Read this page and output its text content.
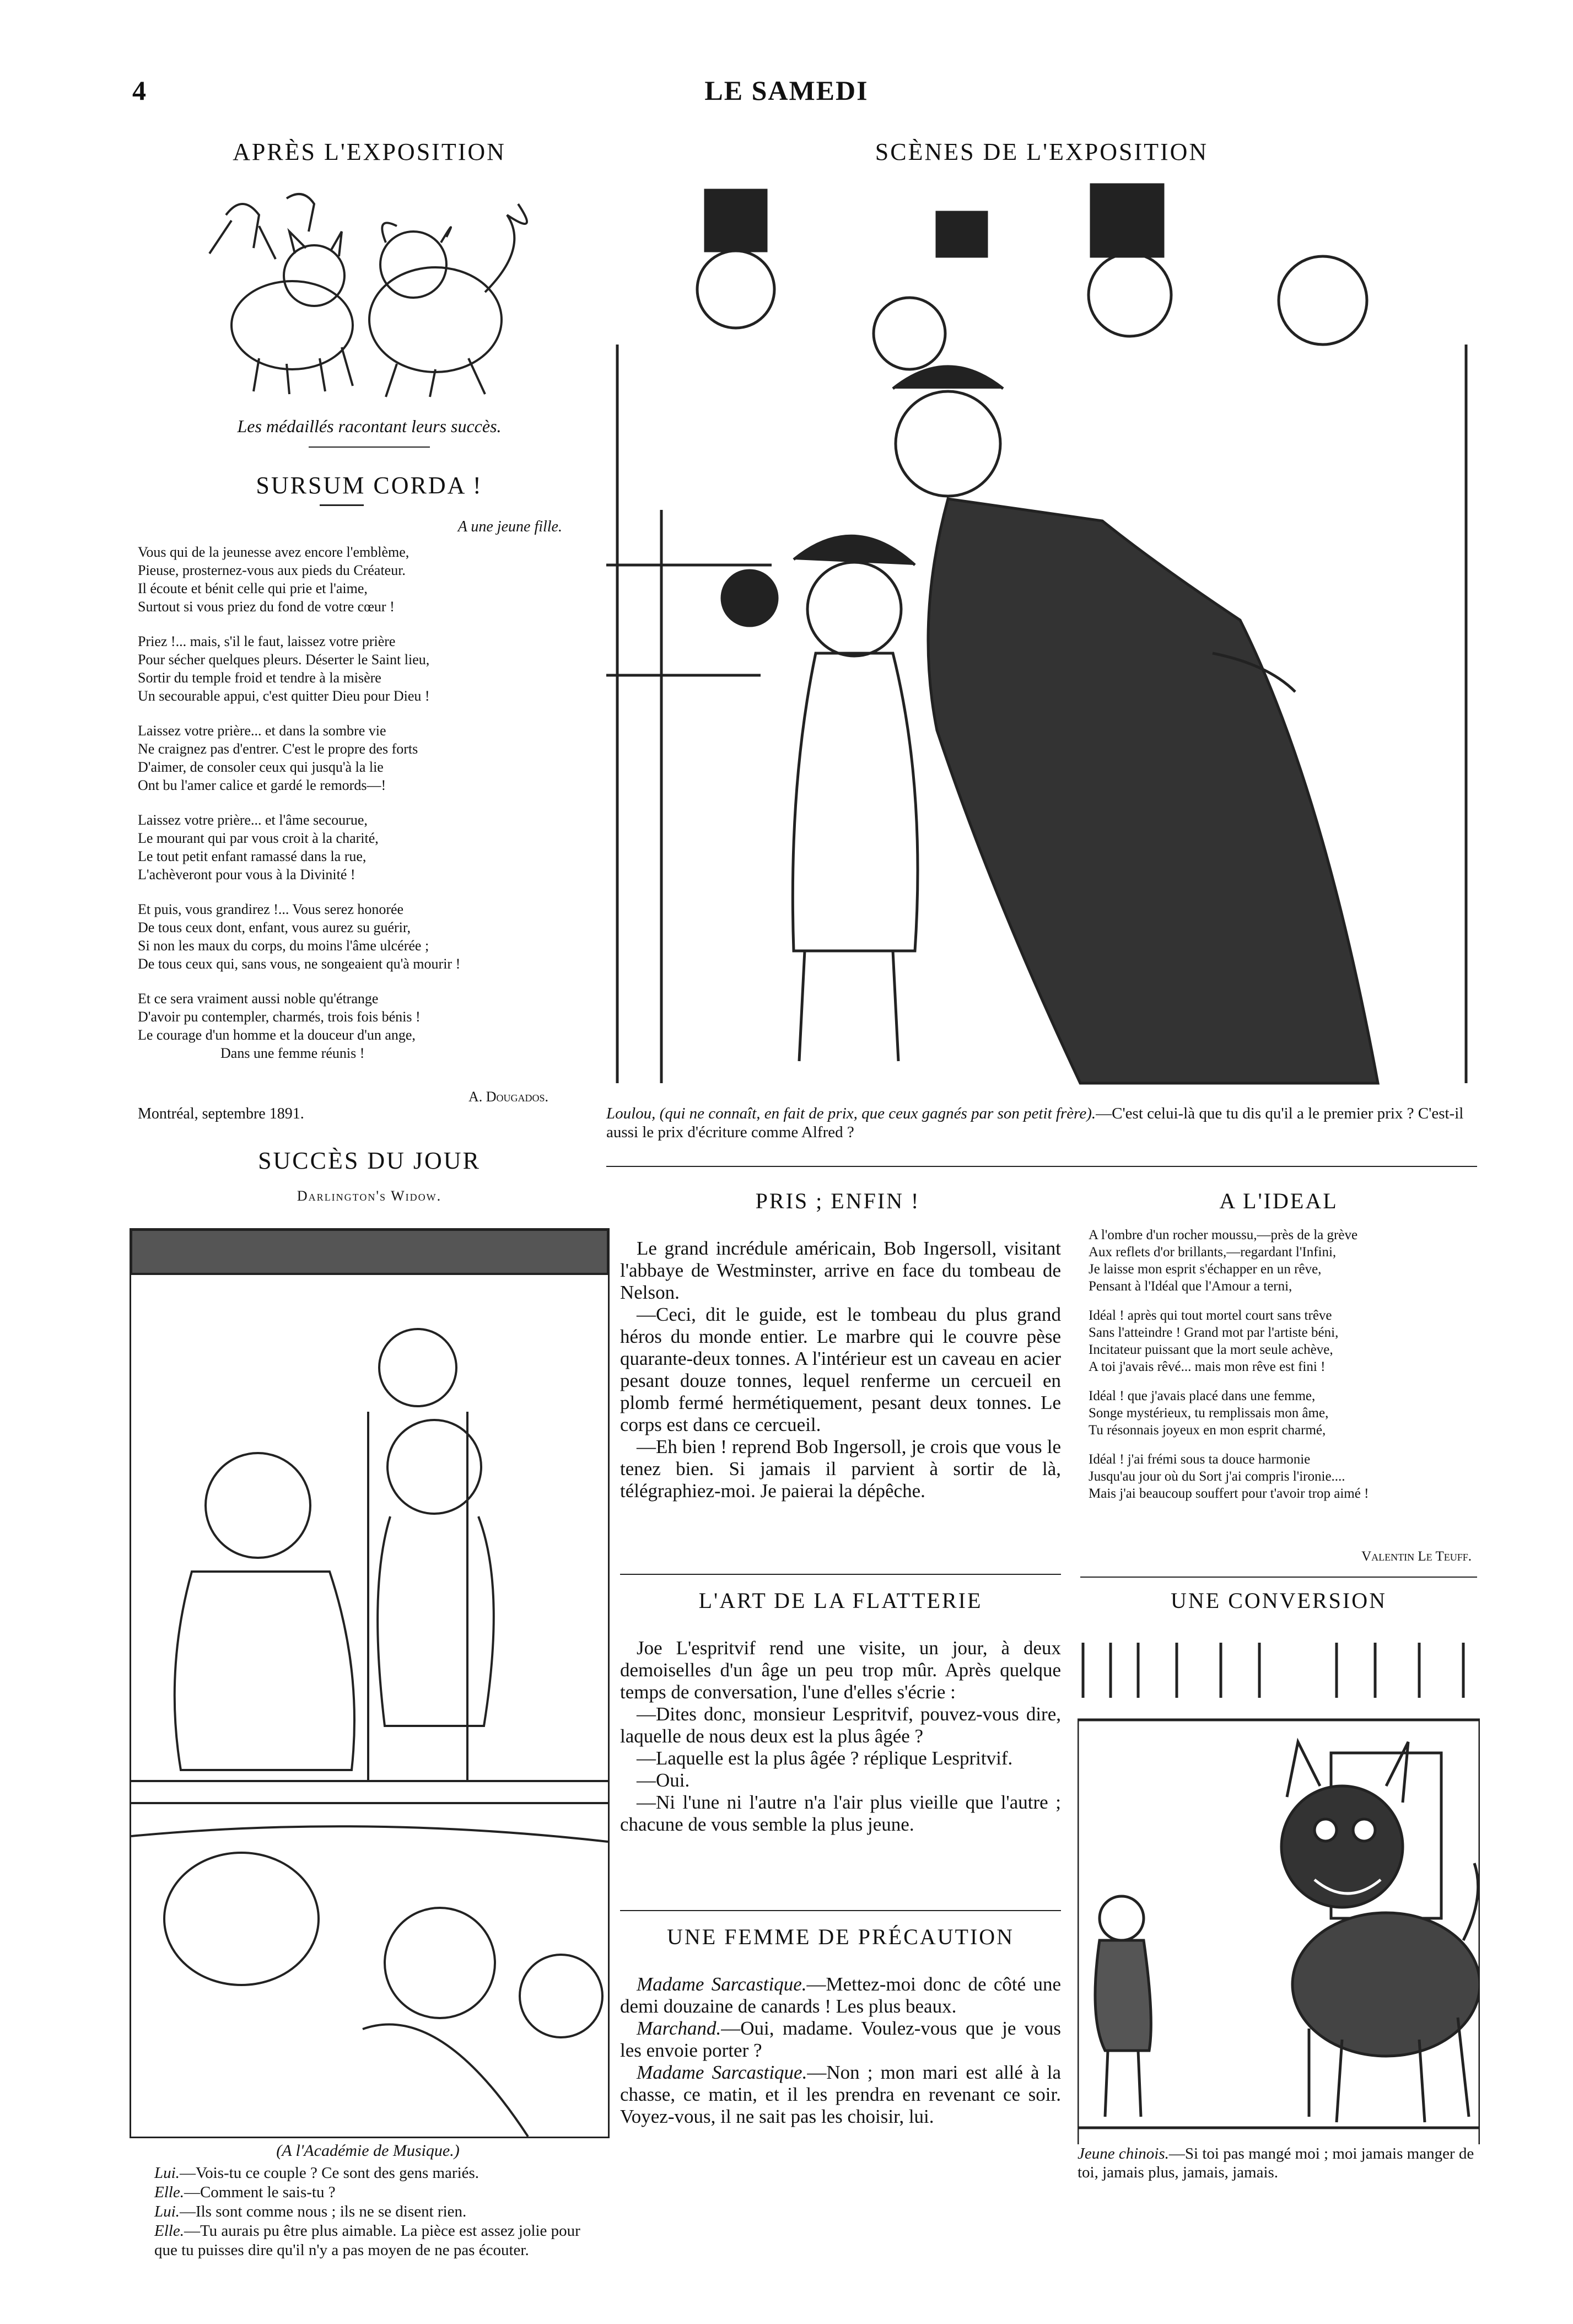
4	LE SAMEDI
APRÈS L'EXPOSITION
Les médaillés racontant leurs succès.
SURSUM CORDA !
A une jeune fille.

Vous qui de la jeunesse avez encore l'emblème,
Pieuse, prosternez-vous aux pieds du Créateur.
Il écoute et bénit celle qui prie et l'aime,
Surtout si vous priez du fond de votre cœur !

Priez !... mais, s'il le faut, laissez votre prière
Pour sécher quelques pleurs. Déserter le Saint lieu,
Sortir du temple froid et tendre à la misère
Un secourable appui, c'est quitter Dieu pour Dieu !

Laissez votre prière... et dans la sombre vie
Ne craignez pas d'entrer. C'est le propre des forts
D'aimer, de consoler ceux qui jusqu'à la lie
Ont bu l'amer calice et gardé le remords—!

Laissez votre prière... et l'âme secourue,
Le mourant qui par vous croit à la charité,
Le tout petit enfant ramassé dans la rue,
L'achèveront pour vous à la Divinité !

Et puis, vous grandirez !... Vous serez honorée
De tous ceux dont, enfant, vous aurez su guérir,
Si non les maux du corps, du moins l'âme ulcérée ;
De tous ceux qui, sans vous, ne songeaient qu'à mourir !

Et ce sera vraiment aussi noble qu'étrange
D'avoir pu contempler, charmés, trois fois bénis !
Le courage d'un homme et la douceur d'un ange,
Dans une femme réunis !

A. Dougados.
Montréal, septembre 1891.
SUCCÈS DU JOUR
Darlington's Widow.
(A l'Académie de Musique.)

Lui.—Vois-tu ce couple ? Ce sont des gens mariés.

Elle.—Comment le sais-tu ?

Lui.—Ils sont comme nous ; ils ne se disent rien.

Elle.—Tu aurais pu être plus aimable. La pièce est assez jolie pour que tu puisses dire qu'il n'y a pas moyen de ne pas écouter.

SCÈNES DE L'EXPOSITION
Loulou, (qui ne connaît, en fait de prix, que ceux gagnés par son petit frère).—C'est celui-là que tu dis qu'il a le premier prix ? C'est-il aussi le prix d'écriture comme Alfred ?
PRIS ; ENFIN !

Le grand incrédule américain, Bob Ingersoll, visitant l'abbaye de Westminster, arrive en face du tombeau de Nelson.

—Ceci, dit le guide, est le tombeau du plus grand héros du monde entier. Le marbre qui le couvre pèse quarante-deux tonnes. A l'intérieur est un caveau en acier pesant douze tonnes, lequel renferme un cercueil en plomb fermé hermétiquement, pesant deux tonnes. Le corps est dans ce cercueil.

—Eh bien ! reprend Bob Ingersoll, je crois que vous le tenez bien. Si jamais il parvient à sortir de là, télégraphiez-moi. Je paierai la dépêche.

A L'IDEAL

A l'ombre d'un rocher moussu,—près de la grève
Aux reflets d'or brillants,—regardant l'Infini,
Je laisse mon esprit s'échapper en un rêve,
Pensant à l'Idéal que l'Amour a terni,

Idéal ! après qui tout mortel court sans trêve
Sans l'atteindre ! Grand mot par l'artiste béni,
Incitateur puissant que la mort seule achève,
A toi j'avais rêvé... mais mon rêve est fini !

Idéal ! que j'avais placé dans une femme,
Songe mystérieux, tu remplissais mon âme,
Tu résonnais joyeux en mon esprit charmé,

Idéal ! j'ai frémi sous ta douce harmonie
Jusqu'au jour où du Sort j'ai compris l'ironie....
Mais j'ai beaucoup souffert pour t'avoir trop aimé !

Valentin Le Teuff.
L'ART DE LA FLATTERIE

Joe L'espritvif rend une visite, un jour, à deux demoiselles d'un âge un peu trop mûr. Après quelque temps de conversation, l'une d'elles s'écrie :

—Dites donc, monsieur Lespritvif, pouvez-vous dire, laquelle de nous deux est la plus âgée ?

—Laquelle est la plus âgée ? réplique Lespritvif.

—Oui.

—Ni l'une ni l'autre n'a l'air plus vieille que l'autre ; chacune de vous semble la plus jeune.

UNE FEMME DE PRÉCAUTION

Madame Sarcastique.—Mettez-moi donc de côté une demi douzaine de canards ! Les plus beaux.

Marchand.—Oui, madame. Voulez-vous que je vous les envoie porter ?

Madame Sarcastique.—Non ; mon mari est allé à la chasse, ce matin, et il les prendra en revenant ce soir. Voyez-vous, il ne sait pas les choisir, lui.

UNE CONVERSION
Jeune chinois.—Si toi pas mangé moi ; moi jamais manger de toi, jamais plus, jamais, jamais.
